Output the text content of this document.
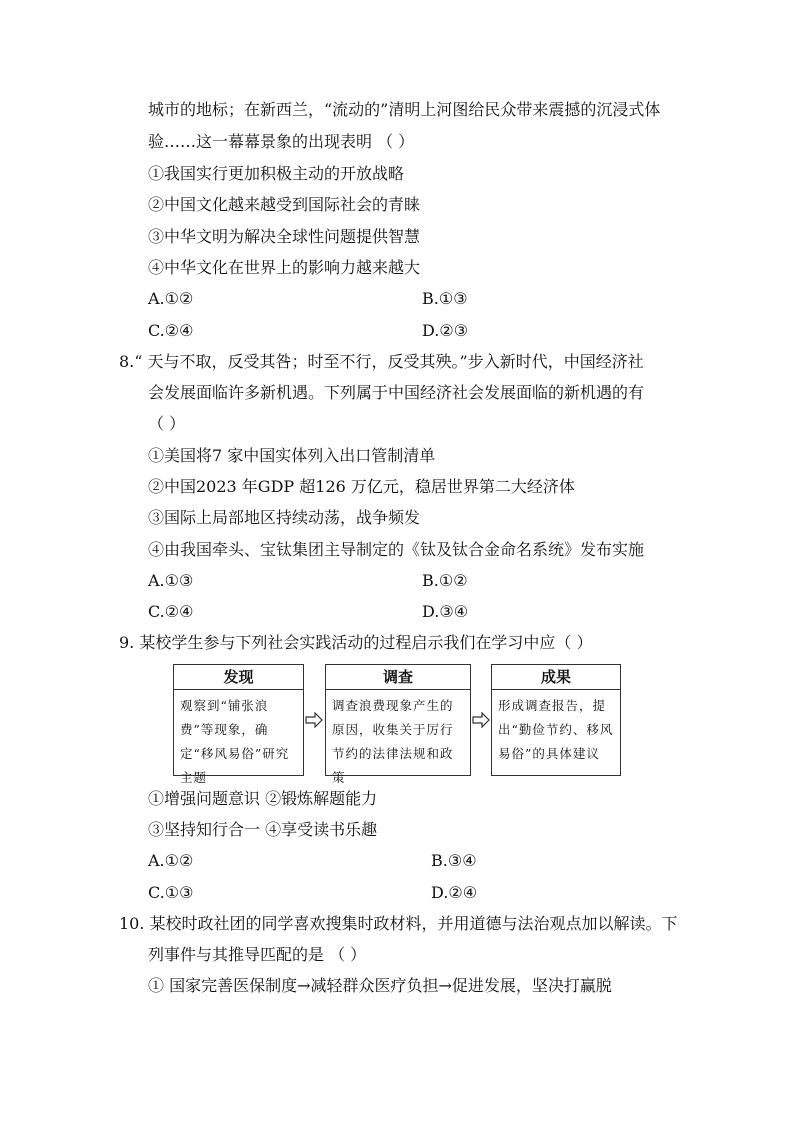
城市的地标；在新西兰，“流动的”清明上河图给民众带来震撼的沉浸式体
验……这一幕幕景象的出现表明 （ ）
①我国实行更加积极主动的开放战略
②中国文化越来越受到国际社会的青睐
③中华文明为解决全球性问题提供智慧
④中华文化在世界上的影响力越来越大
A.①②	B.①③
C.②④	D.②③
8.“ 天与不取，反受其咎；时至不行，反受其殃。”步入新时代，中国经济社
会发展面临许多新机遇。下列属于中国经济社会发展面临的新机遇的有
（ ）
①美国将7 家中国实体列入出口管制清单
②中国2023 年GDP 超126 万亿元，稳居世界第二大经济体
③国际上局部地区持续动荡，战争频发
④由我国牵头、宝钛集团主导制定的《钛及钛合金命名系统》发布实施
A.①③	B.①②
C.②④	D.③④
9. 某校学生参与下列社会实践活动的过程启示我们在学习中应（ ）
发现
观察到“铺张浪费”等现象，确定“移风易俗”研究主题
调查
调查浪费现象产生的原因，收集关于厉行节约的法律法规和政策
成果
形成调查报告，提出“勤俭节约、移风易俗”的具体建议
①增强问题意识 ②锻炼解题能力
③坚持知行合一 ④享受读书乐趣
A.①②	B.③④
C.①③	D.②④
10. 某校时政社团的同学喜欢搜集时政材料，并用道德与法治观点加以解读。下
列事件与其推导匹配的是 （ ）
① 国家完善医保制度→减轻群众医疗负担→促进发展，坚决打赢脱
